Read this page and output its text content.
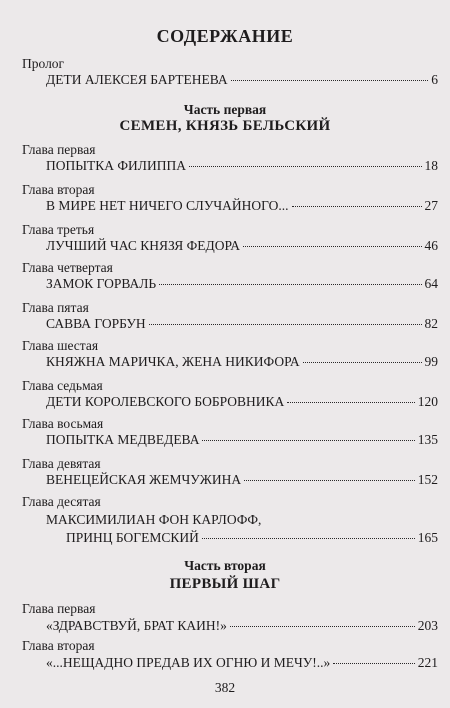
СОДЕРЖАНИЕ
Пролог
ДЕТИ АЛЕКСЕЯ БАРТЕНЕВА	6
Часть первая
СЕМЕН, КНЯЗЬ БЕЛЬСКИЙ
Глава первая
ПОПЫТКА ФИЛИППА	18
Глава вторая
В МИРЕ НЕТ НИЧЕГО СЛУЧАЙНОГО...	27
Глава третья
ЛУЧШИЙ ЧАС КНЯЗЯ ФЕДОРА	46
Глава четвертая
ЗАМОК ГОРВАЛЬ	64
Глава пятая
САВВА ГОРБУН	82
Глава шестая
КНЯЖНА МАРИЧКА, ЖЕНА НИКИФОРА	99
Глава седьмая
ДЕТИ КОРОЛЕВСКОГО БОБРОВНИКА	120
Глава восьмая
ПОПЫТКА МЕДВЕДЕВА	135
Глава девятая
ВЕНЕЦЕЙСКАЯ ЖЕМЧУЖИНА	152
Глава десятая
МАКСИМИЛИАН ФОН КАРЛОФФ,
ПРИНЦ БОГЕМСКИЙ	165
Часть вторая
ПЕРВЫЙ ШАГ
Глава первая
«ЗДРАВСТВУЙ, БРАТ КАИН!»	203
Глава вторая
«...НЕЩАДНО ПРЕДАВ ИХ ОГНЮ И МЕЧУ!..»	221
382
